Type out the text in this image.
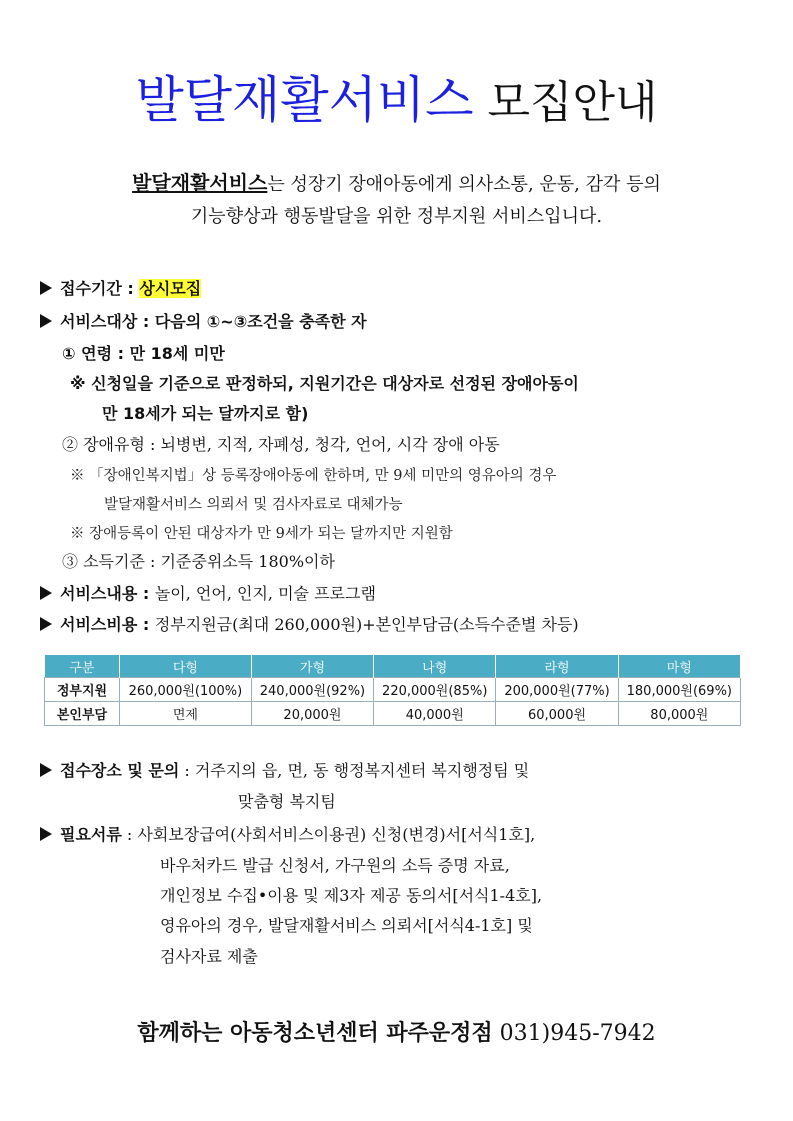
발달재활서비스 모집안내
발달재활서비스는 성장기 장애아동에게 의사소통, 운동, 감각 등의
기능향상과 행동발달을 위한 정부지원 서비스입니다.
접수기간 : 상시모집
서비스대상 : 다음의 ①~③조건을 충족한 자
① 연령 : 만 18세 미만
※ 신청일을 기준으로 판정하되, 지원기간은 대상자로 선정된 장애아동이
만 18세가 되는 달까지로 함)
② 장애유형 : 뇌병변, 지적, 자폐성, 청각, 언어, 시각 장애 아동
※ 「장애인복지법」상 등록장애아동에 한하며, 만 9세 미만의 영유아의 경우
발달재활서비스 의뢰서 및 검사자료로 대체가능
※ 장애등록이 안된 대상자가 만 9세가 되는 달까지만 지원함
③ 소득기준 : 기준중위소득 180%이하
서비스내용 : 놀이, 언어, 인지, 미술 프로그램
서비스비용 : 정부지원금(최대 260,000원)+본인부담금(소득수준별 차등)
구분	다형	가형	나형	라형	마형
정부지원	260,000원(100%)	240,000원(92%)	220,000원(85%)	200,000원(77%)	180,000원(69%)
본인부담	면제	20,000원	40,000원	60,000원	80,000원
접수장소 및 문의 : 거주지의 읍, 면, 동 행정복지센터 복지행정팀 및
맞춤형 복지팀
필요서류 : 사회보장급여(사회서비스이용권) 신청(변경)서[서식1호],
바우처카드 발급 신청서, 가구원의 소득 증명 자료,
개인정보 수집•이용 및 제3자 제공 동의서[서식1-4호],
영유아의 경우, 발달재활서비스 의뢰서[서식4-1호] 및
검사자료 제출
함께하는 아동청소년센터 파주운정점 031)945-7942
